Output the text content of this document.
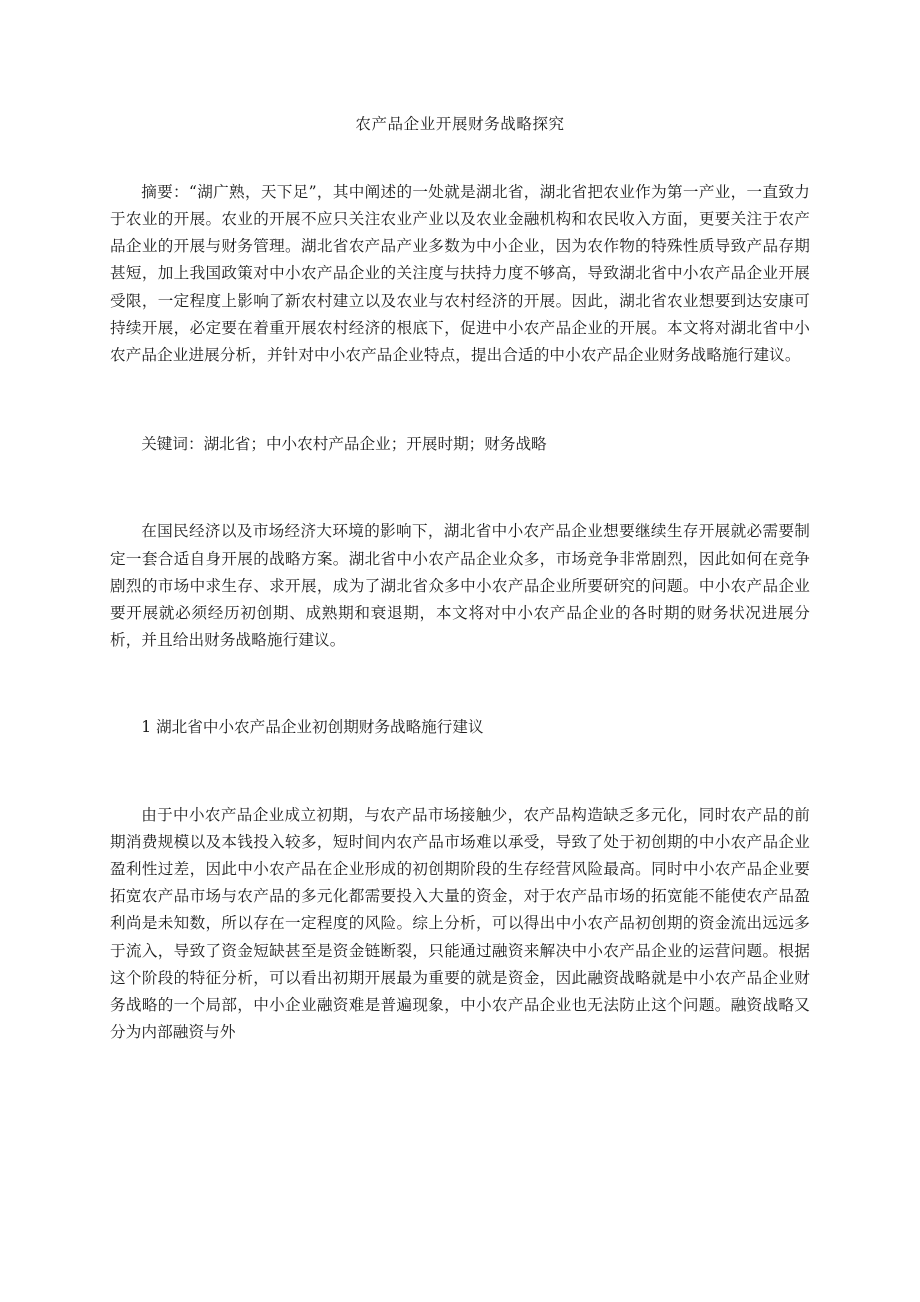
农产品企业开展财务战略探究

摘要：“湖广熟，天下足”，其中阐述的一处就是湖北省，湖北省把农业作为第一产业，一直致力于农业的开展。农业的开展不应只关注农业产业以及农业金融机构和农民收入方面，更要关注于农产品企业的开展与财务管理。湖北省农产品产业多数为中小企业，因为农作物的特殊性质导致产品存期甚短，加上我国政策对中小农产品企业的关注度与扶持力度不够高，导致湖北省中小农产品企业开展受限，一定程度上影响了新农村建立以及农业与农村经济的开展。因此，湖北省农业想要到达安康可持续开展，必定要在着重开展农村经济的根底下，促进中小农产品企业的开展。本文将对湖北省中小农产品企业进展分析，并针对中小农产品企业特点，提出合适的中小农产品企业财务战略施行建议。

关键词：湖北省；中小农村产品企业；开展时期；财务战略

在国民经济以及市场经济大环境的影响下，湖北省中小农产品企业想要继续生存开展就必需要制定一套合适自身开展的战略方案。湖北省中小农产品企业众多，市场竞争非常剧烈，因此如何在竞争剧烈的市场中求生存、求开展，成为了湖北省众多中小农产品企业所要研究的问题。中小农产品企业要开展就必须经历初创期、成熟期和衰退期，本文将对中小农产品企业的各时期的财务状况进展分析，并且给出财务战略施行建议。

1 湖北省中小农产品企业初创期财务战略施行建议

由于中小农产品企业成立初期，与农产品市场接触少，农产品构造缺乏多元化，同时农产品的前期消费规模以及本钱投入较多，短时间内农产品市场难以承受，导致了处于初创期的中小农产品企业盈利性过差，因此中小农产品在企业形成的初创期阶段的生存经营风险最高。同时中小农产品企业要拓宽农产品市场与农产品的多元化都需要投入大量的资金，对于农产品市场的拓宽能不能使农产品盈利尚是未知数，所以存在一定程度的风险。综上分析，可以得出中小农产品初创期的资金流出远远多于流入，导致了资金短缺甚至是资金链断裂，只能通过融资来解决中小农产品企业的运营问题。根据这个阶段的特征分析，可以看出初期开展最为重要的就是资金，因此融资战略就是中小农产品企业财务战略的一个局部，中小企业融资难是普遍现象，中小农产品企业也无法防止这个问题。融资战略又分为内部融资与外
